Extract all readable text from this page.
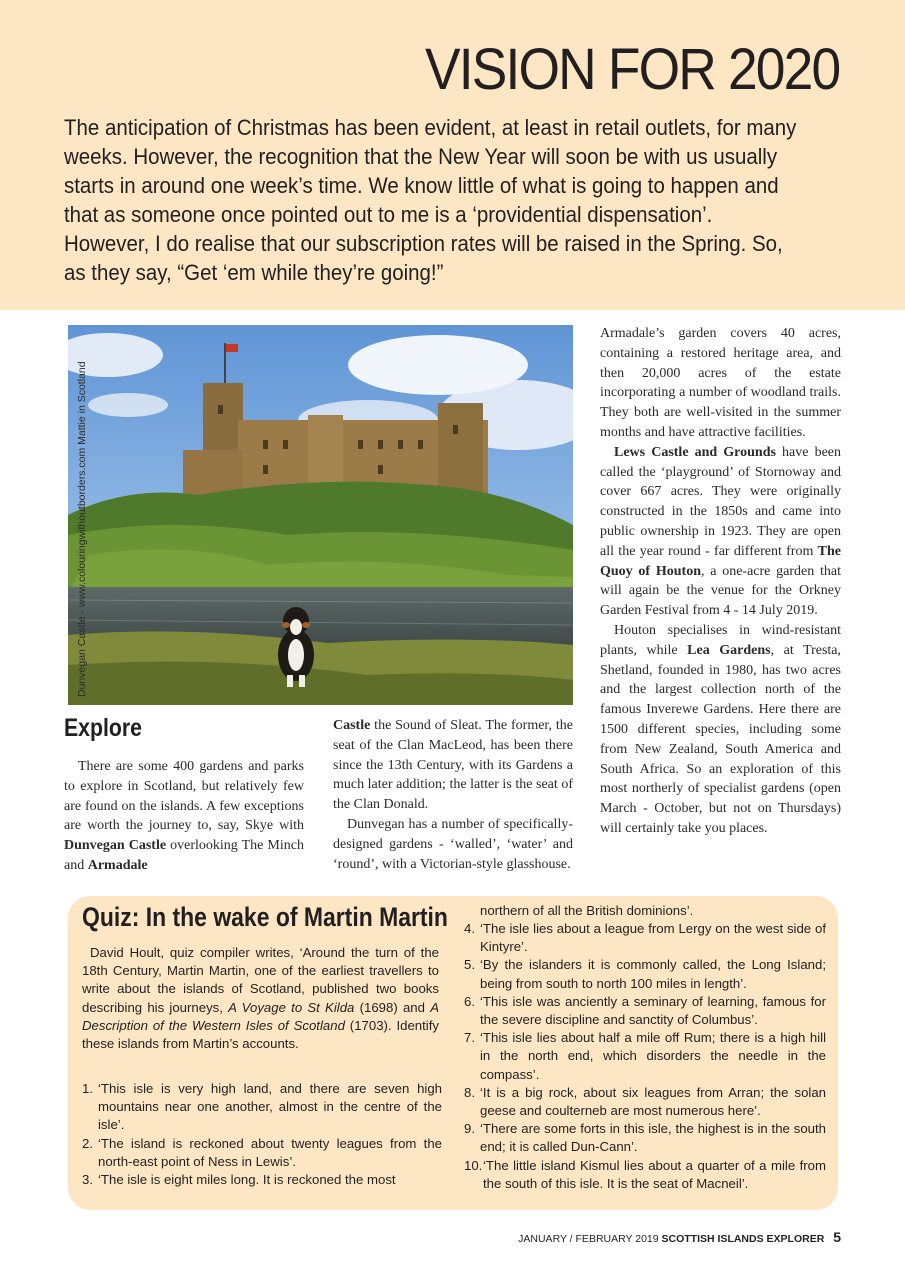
VISION FOR 2020

The anticipation of Christmas has been evident, at least in retail outlets, for many weeks. However, the recognition that the New Year will soon be with us usually starts in around one week’s time. We know little of what is going to happen and that as someone once pointed out to me is a ‘providential dispensation’. However, I do realise that our subscription rates will be raised in the Spring. So, as they say, “Get ‘em while they’re going!”

Dunvegan Castle - www.colouringwithoutborders.com Mattie in Scotland
Explore

There are some 400 gardens and parks to explore in Scotland, but relatively few are found on the islands. A few exceptions are worth the journey to, say, Skye with Dunvegan Castle overlooking The Minch and Armadale

Castle the Sound of Sleat. The former, the seat of the Clan MacLeod, has been there since the 13th Century, with its Gardens a much later addition; the latter is the seat of the Clan Donald.

Dunvegan has a number of specifically-designed gardens - ‘walled’, ‘water’ and ‘round’, with a Victorian-style glasshouse.

Armadale’s garden covers 40 acres, containing a restored heritage area, and then 20,000 acres of the estate incorporating a number of woodland trails. They both are well-visited in the summer months and have attractive facilities.

Lews Castle and Grounds have been called the ‘playground’ of Stornoway and cover 667 acres. They were originally constructed in the 1850s and came into public ownership in 1923. They are open all the year round - far different from The Quoy of Houton, a one-acre garden that will again be the venue for the Orkney Garden Festival from 4 - 14 July 2019.

Houton specialises in wind-resistant plants, while Lea Gardens, at Tresta, Shetland, founded in 1980, has two acres and the largest collection north of the famous Inverewe Gardens. Here there are 1500 different species, including some from New Zealand, South America and South Africa. So an exploration of this most northerly of specialist gardens (open March - October, but not on Thursdays) will certainly take you places.

Quiz: In the wake of Martin Martin

David Hoult, quiz compiler writes, ‘Around the turn of the 18th Century, Martin Martin, one of the earliest travellers to write about the islands of Scotland, published two books describing his journeys, A Voyage to St Kilda (1698) and A Description of the Western Isles of Scotland (1703). Identify these islands from Martin’s accounts.

1. ‘This isle is very high land, and there are seven high mountains near one another, almost in the centre of the isle’.
2. ‘The island is reckoned about twenty leagues from the north-east point of Ness in Lewis’.
3. ‘The isle is eight miles long. It is reckoned the most
northern of all the British dominions’.
4. ‘The isle lies about a league from Lergy on the west side of Kintyre’.
5. ‘By the islanders it is commonly called, the Long Island; being from south to north 100 miles in length’.
6. ‘This isle was anciently a seminary of learning, famous for the severe discipline and sanctity of Columbus’.
7. ‘This isle lies about half a mile off Rum; there is a high hill in the north end, which disorders the needle in the compass’.
8. ‘It is a big rock, about six leagues from Arran; the solan geese and coulterneb are most numerous here’.
9. ‘There are some forts in this isle, the highest is in the south end; it is called Dun-Cann’.
10. ‘The little island Kismul lies about a quarter of a mile from the south of this isle. It is the seat of Macneil’.
JANUARY / FEBRUARY 2019 SCOTTISH ISLANDS EXPLORER 5
